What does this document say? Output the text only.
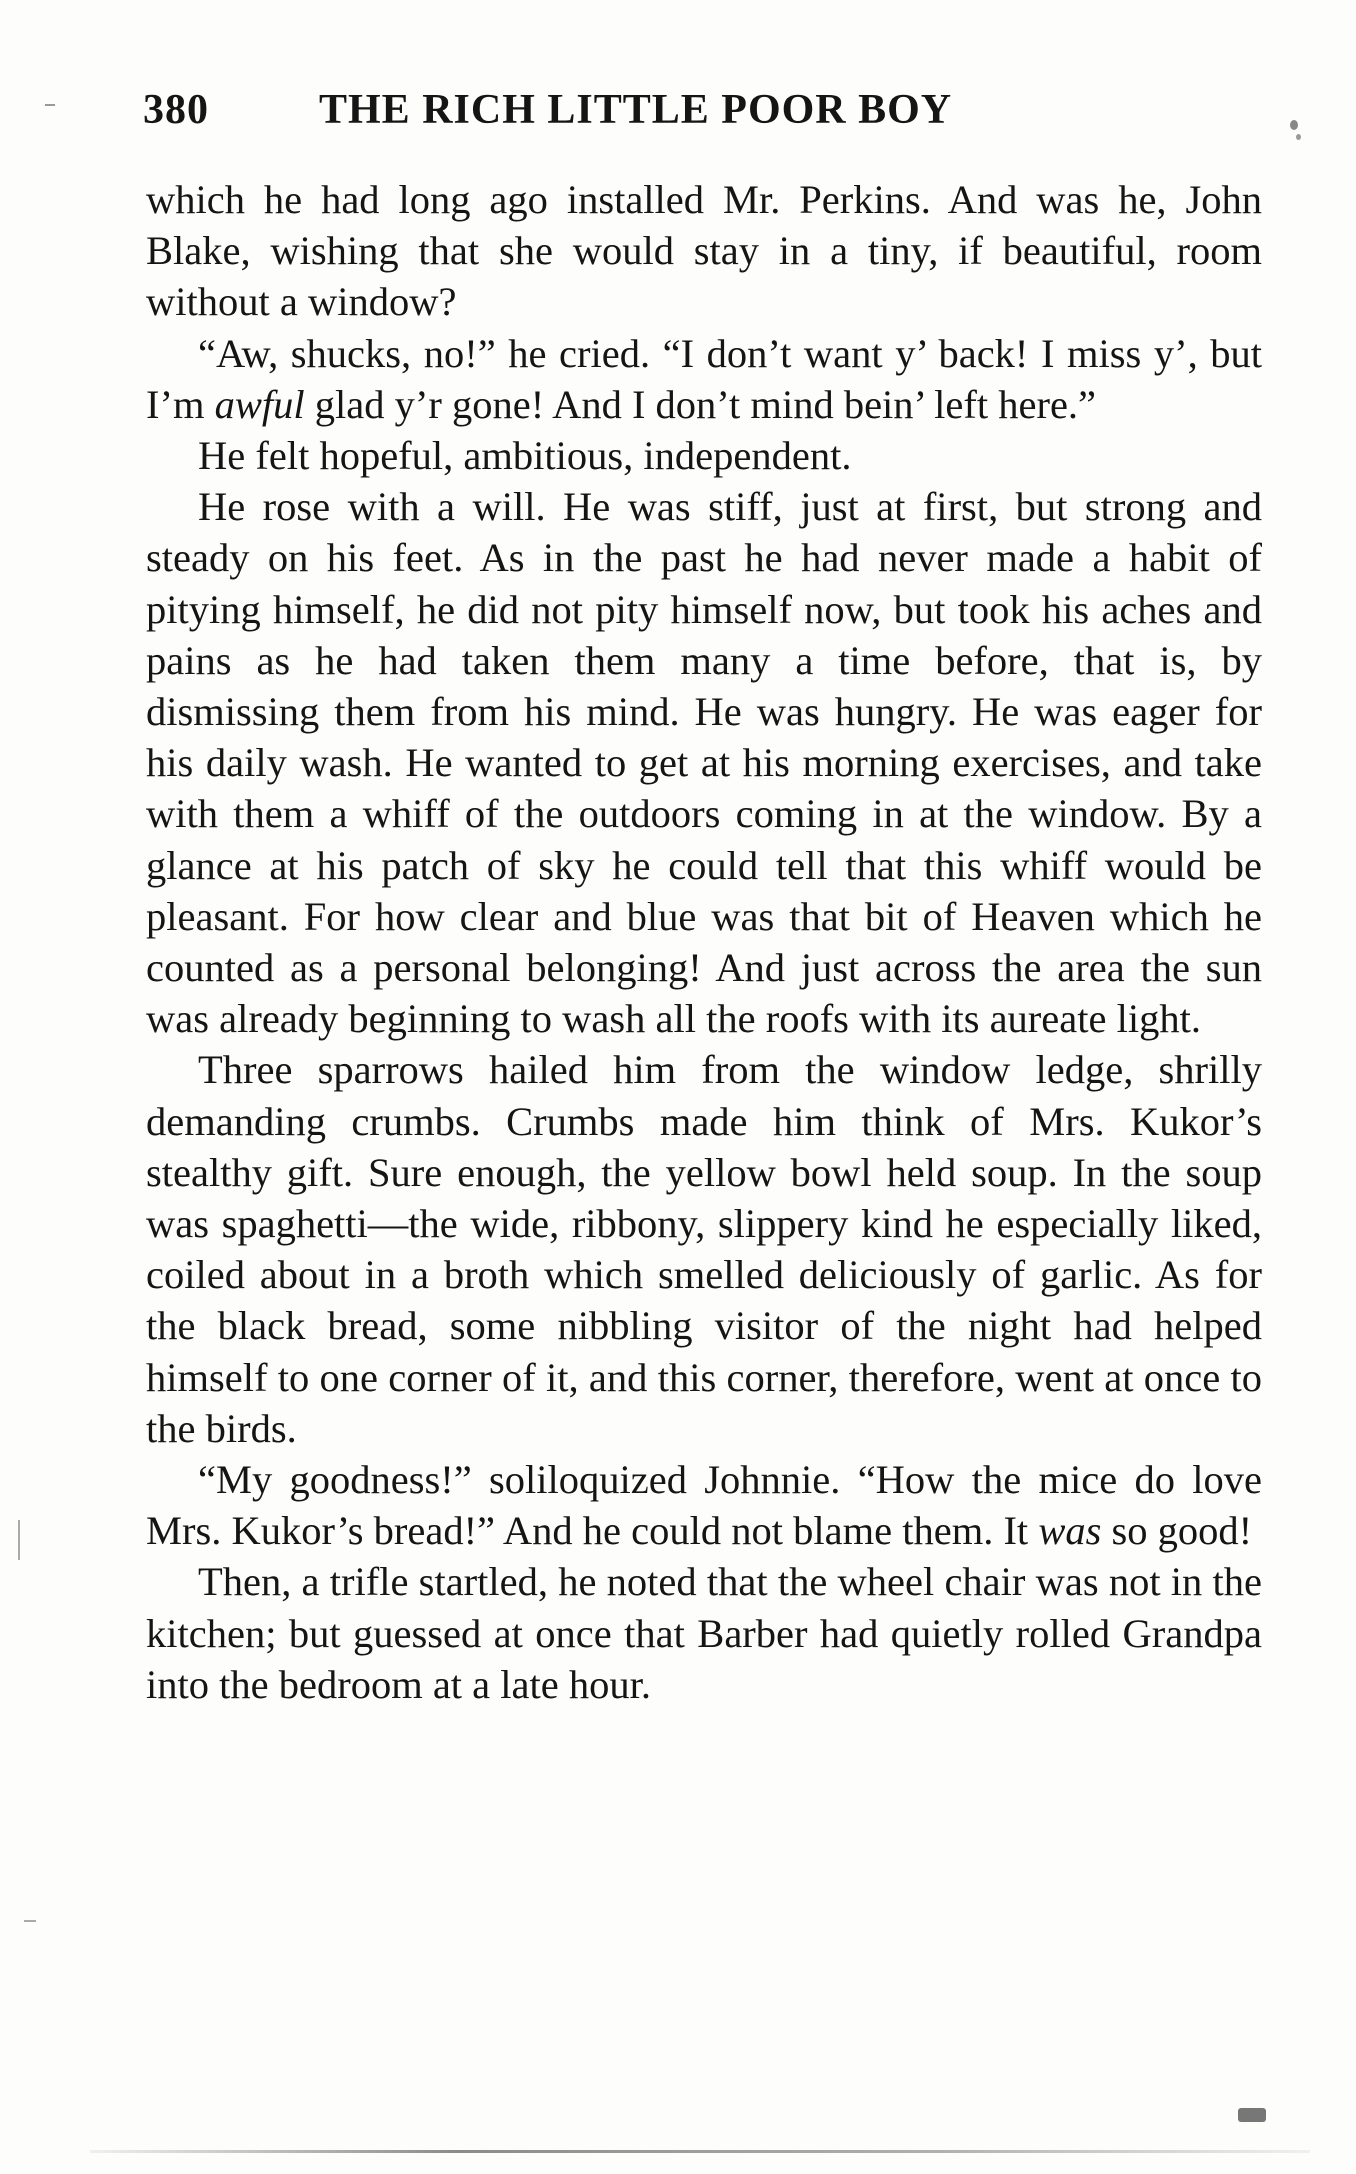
380	THE RICH LITTLE POOR BOY

which he had long ago installed Mr. Perkins. And was he, John Blake, wishing that she would stay in a tiny, if beautiful, room without a window?

“Aw, shucks, no!” he cried. “I don’t want y’ back! I miss y’, but I’m awful glad y’r gone! And I don’t mind bein’ left here.”

He felt hopeful, ambitious, independent.

He rose with a will. He was stiff, just at first, but strong and steady on his feet. As in the past he had never made a habit of pitying himself, he did not pity himself now, but took his aches and pains as he had taken them many a time before, that is, by dismissing them from his mind. He was hungry. He was eager for his daily wash. He wanted to get at his morning exercises, and take with them a whiff of the outdoors coming in at the window. By a glance at his patch of sky he could tell that this whiff would be pleasant. For how clear and blue was that bit of Heaven which he counted as a personal belonging! And just across the area the sun was already beginning to wash all the roofs with its aureate light.

Three sparrows hailed him from the window ledge, shrilly demanding crumbs. Crumbs made him think of Mrs. Kukor’s stealthy gift. Sure enough, the yellow bowl held soup. In the soup was spaghetti—the wide, ribbony, slippery kind he especially liked, coiled about in a broth which smelled deliciously of garlic. As for the black bread, some nibbling visitor of the night had helped himself to one corner of it, and this corner, therefore, went at once to the birds.

“My goodness!” soliloquized Johnnie. “How the mice do love Mrs. Kukor’s bread!” And he could not blame them. It was so good!

Then, a trifle startled, he noted that the wheel chair was not in the kitchen; but guessed at once that Barber had quietly rolled Grandpa into the bedroom at a late hour.
